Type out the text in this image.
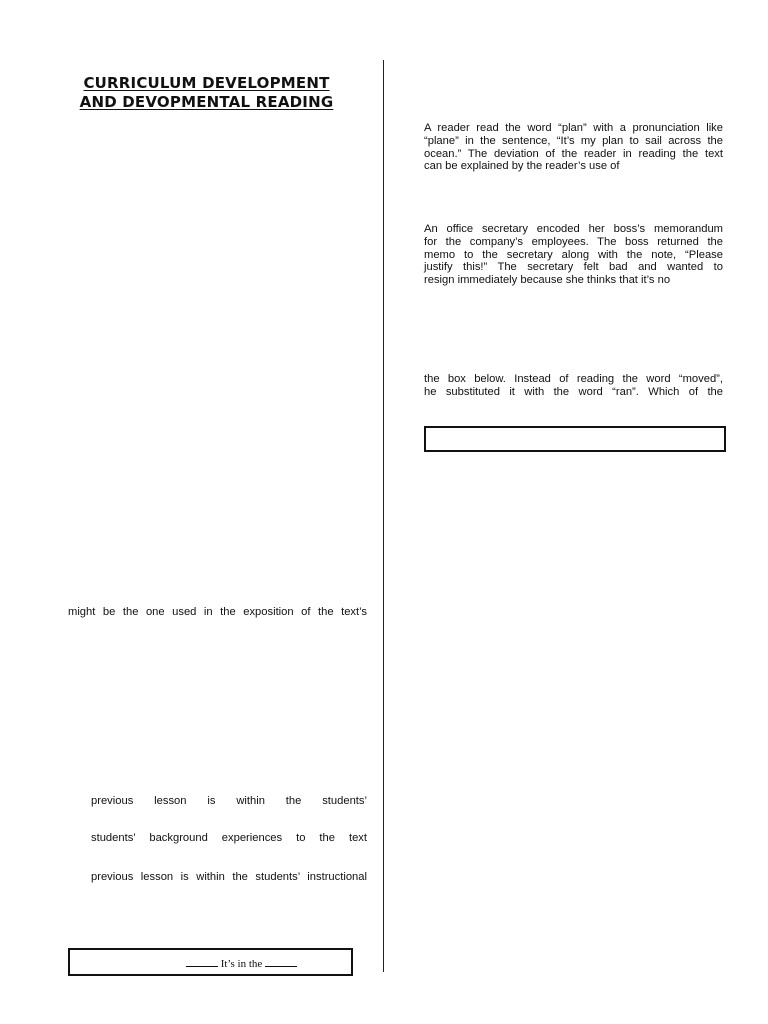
CURRICULUM DEVELOPMENT
AND DEVOPMENTAL READING
A reader read the word “plan” with a pronunciation like
“plane” in the sentence, “It’s my plan to sail across the
ocean.” The deviation of the reader in reading the text
can be explained by the reader’s use of
An office secretary encoded her boss’s memorandum
for the company’s employees. The boss returned the
memo to the secretary along with the note, “Please
justify this!” The secretary felt bad and wanted to
resign immediately because she thinks that it’s no
the box below. Instead of reading the word “moved”,
he substituted it with the word “ran”. Which of the
might be the one used in the exposition of the text’s
previous lesson is within the students’
students’ background experiences to the text
previous lesson is within the students’ instructional
It’s in the
